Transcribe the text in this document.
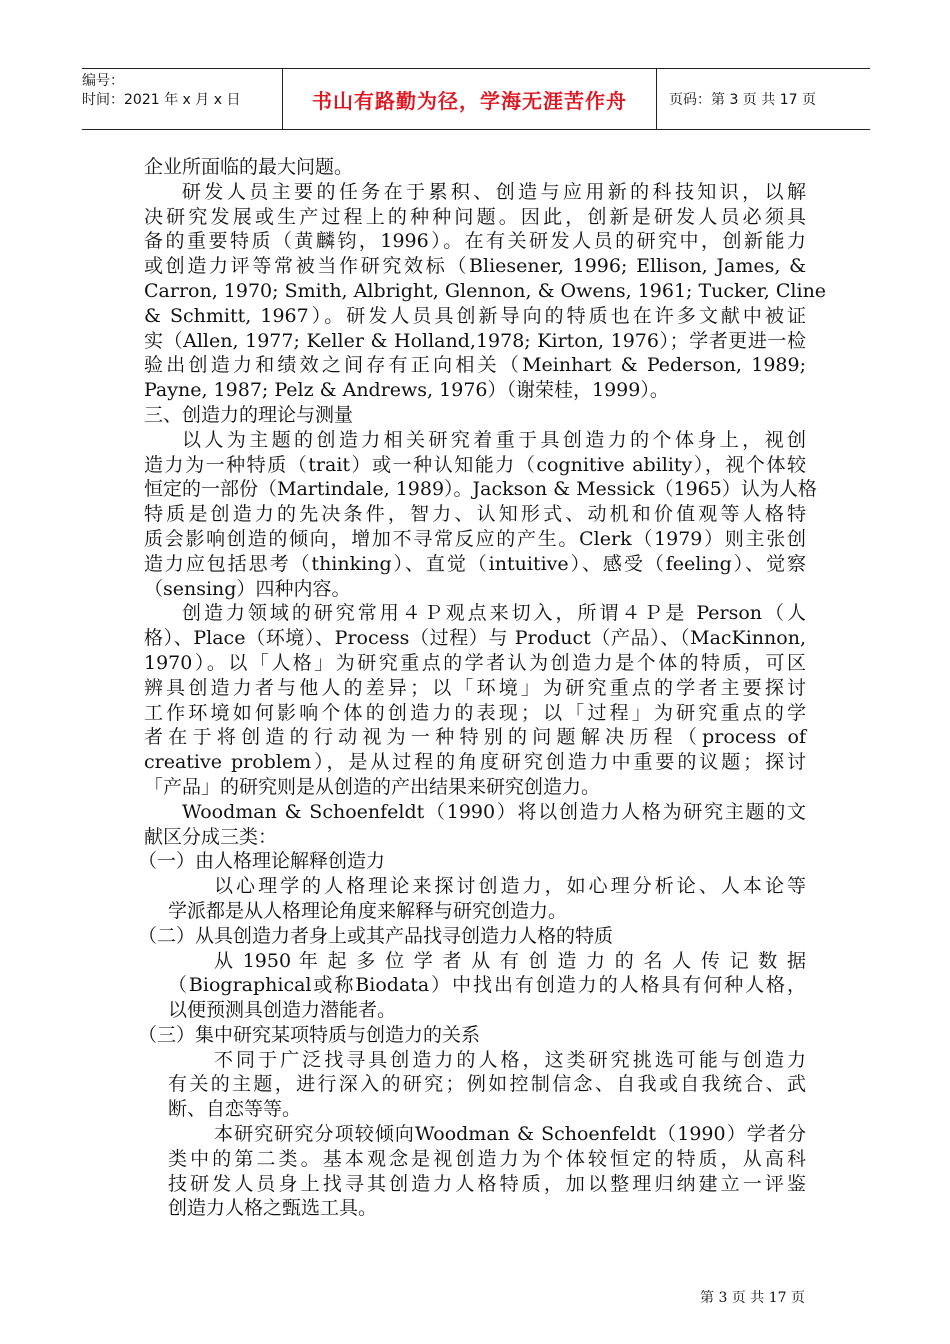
编号：
时间：2021 年 x 月 x 日	书山有路勤为径，学海无涯苦作舟	页码：第 3 页 共 17 页
企业所面临的最大问题。
研发人员主要的任务在于累积、创造与应用新的科技知识，以解
决研究发展或生产过程上的种种问题。因此，创新是研发人员必须具
备的重要特质（黄麟钧，1996）。在有关研发人员的研究中，创新能力
或创造力评等常被当作研究效标（Bliesener, 1996; Ellison, James, &
Carron, 1970; Smith, Albright, Glennon, & Owens, 1961; Tucker, Cline
& Schmitt, 1967）。研发人员具创新导向的特质也在许多文献中被证
实（Allen, 1977; Keller & Holland,1978; Kirton, 1976）；学者更进一检
验出创造力和绩效之间存有正向相关（Meinhart & Pederson, 1989;
Payne, 1987; Pelz & Andrews, 1976）（谢荣桂，1999）。
三、创造力的理论与测量
以人为主题的创造力相关研究着重于具创造力的个体身上，视创
造力为一种特质（trait）或一种认知能力（cognitive ability），视个体较
恒定的一部份（Martindale, 1989）。Jackson & Messick（1965）认为人格
特质是创造力的先决条件，智力、认知形式、动机和价值观等人格特
质会影响创造的倾向，增加不寻常反应的产生。Clerk（1979）则主张创
造力应包括思考（thinking）、直觉（intuitive）、感受（feeling）、觉察
（sensing）四种内容。
创造力领域的研究常用４Ｐ观点来切入，所谓４Ｐ是 Person（人
格）、Place（环境）、Process（过程）与 Product（产品）、（MacKinnon,
1970）。以「人格」为研究重点的学者认为创造力是个体的特质，可区
辨具创造力者与他人的差异；以「环境」为研究重点的学者主要探讨
工作环境如何影响个体的创造力的表现；以「过程」为研究重点的学
者在于将创造的行动视为一种特别的问题解决历程（process of
creative problem），是从过程的角度研究创造力中重要的议题；探讨
「产品」的研究则是从创造的产出结果来研究创造力。
Woodman & Schoenfeldt（1990）将以创造力人格为研究主题的文
献区分成三类：
（一）由人格理论解释创造力
以心理学的人格理论来探讨创造力，如心理分析论、人本论等
学派都是从人格理论角度来解释与研究创造力。
（二）从具创造力者身上或其产品找寻创造力人格的特质
从 1950 年 起 多 位 学 者 从 有 创 造 力 的 名 人 传 记 数 据
（Biographical或称Biodata）中找出有创造力的人格具有何种人格，
以便预测具创造力潜能者。
（三）集中研究某项特质与创造力的关系
不同于广泛找寻具创造力的人格，这类研究挑选可能与创造力
有关的主题，进行深入的研究；例如控制信念、自我或自我统合、武
断、自恋等等。
本研究研究分项较倾向Woodman & Schoenfeldt（1990）学者分
类中的第二类。基本观念是视创造力为个体较恒定的特质，从高科
技研发人员身上找寻其创造力人格特质，加以整理归纳建立一评鉴
创造力人格之甄选工具。
第 3 页 共 17 页
